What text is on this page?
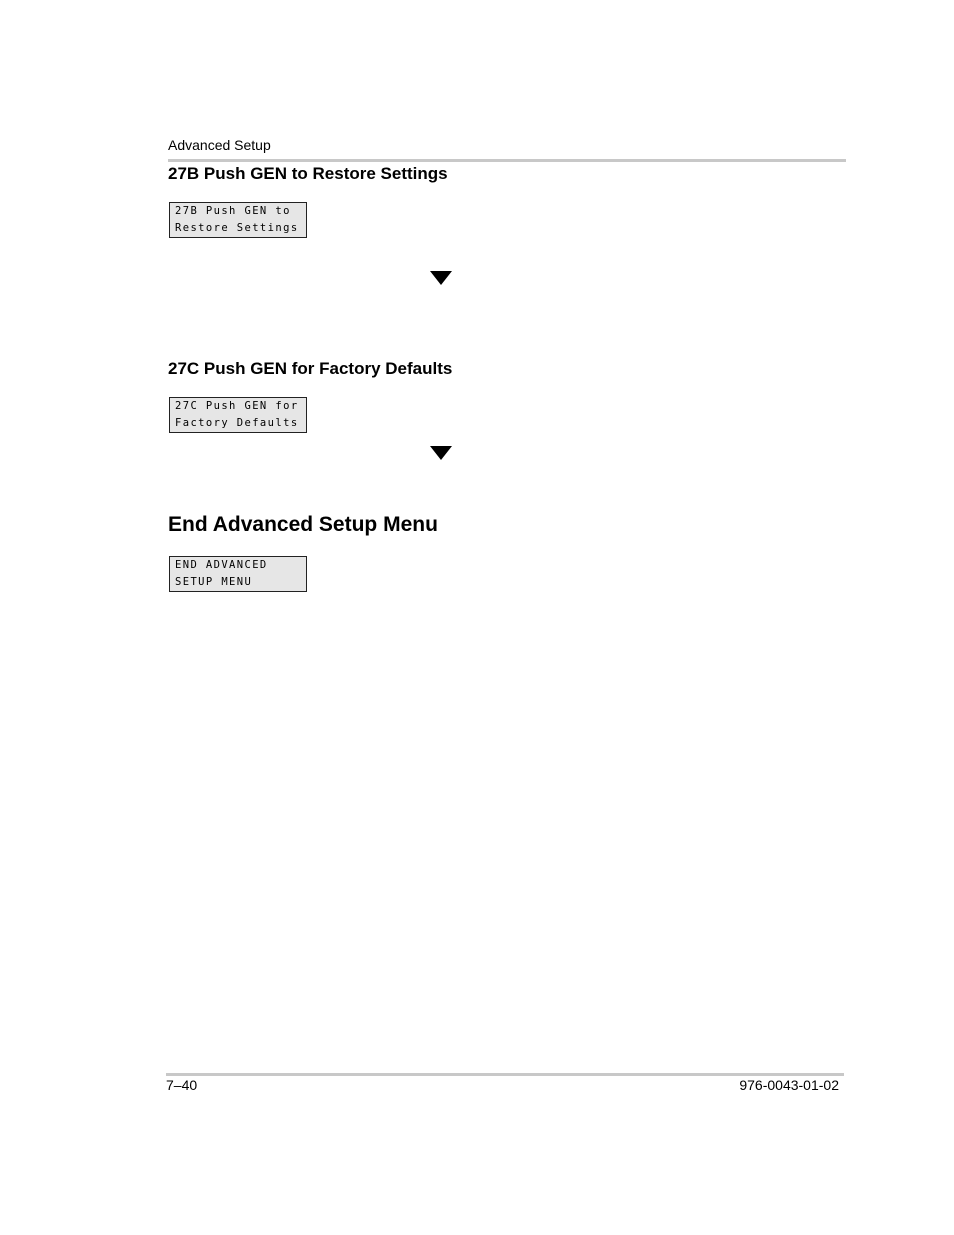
Advanced Setup
27B Push GEN to Restore Settings
27B Push GEN to
Restore Settings
27C Push GEN for Factory Defaults
27C Push GEN for
Factory Defaults
End Advanced Setup Menu
END ADVANCED
SETUP MENU
7–40	976-0043-01-02
